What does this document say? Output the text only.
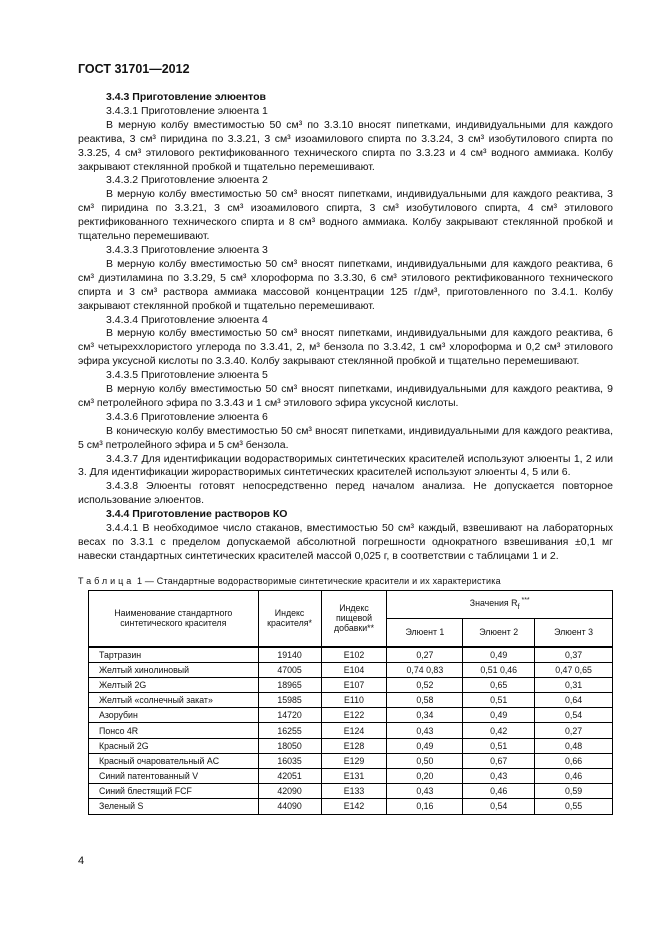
ГОСТ 31701—2012

3.4.3 Приготовление элюентов

3.4.3.1 Приготовление элюента 1

В мерную колбу вместимостью 50 см³ по 3.3.10 вносят пипетками, индивидуальными для каждого реактива, 3 см³ пиридина по 3.3.21, 3 см³ изоамилового спирта по 3.3.24, 3 см³ изобутилового спирта по 3.3.25, 4 см³ этилового ректификованного технического спирта по 3.3.23 и 4 см³ водного аммиака. Колбу закрывают стеклянной пробкой и тщательно перемешивают.

3.4.3.2 Приготовление элюента 2

В мерную колбу вместимостью 50 см³ вносят пипетками, индивидуальными для каждого реактива, 3 см³ пиридина по 3.3.21, 3 см³ изоамилового спирта, 3 см³ изобутилового спирта, 4 см³ этилового ректификованного технического спирта и 8 см³ водного аммиака. Колбу закрывают стеклянной пробкой и тщательно перемешивают.

3.4.3.3 Приготовление элюента 3

В мерную колбу вместимостью 50 см³ вносят пипетками, индивидуальными для каждого реактива, 6 см³ диэтиламина по 3.3.29, 5 см³ хлороформа по 3.3.30, 6 см³ этилового ректификованного технического спирта и 3 см³ раствора аммиака массовой концентрации 125 г/дм³, приготовленного по 3.4.1. Колбу закрывают стеклянной пробкой и тщательно перемешивают.

3.4.3.4 Приготовление элюента 4

В мерную колбу вместимостью 50 см³ вносят пипетками, индивидуальными для каждого реактива, 6 см³ четыреххлористого углерода по 3.3.41, 2, м³ бензола по 3.3.42, 1 см³ хлороформа и 0,2 см³ этилового эфира уксусной кислоты по 3.3.40. Колбу закрывают стеклянной пробкой и тщательно перемешивают.

3.4.3.5 Приготовление элюента 5

В мерную колбу вместимостью 50 см³ вносят пипетками, индивидуальными для каждого реактива, 9 см³ петролейного эфира по 3.3.43 и 1 см³ этилового эфира уксусной кислоты.

3.4.3.6 Приготовление элюента 6

В коническую колбу вместимостью 50 см³ вносят пипетками, индивидуальными для каждого реактива, 5 см³ петролейного эфира и 5 см³ бензола.

3.4.3.7 Для идентификации водорастворимых синтетических красителей используют элюенты 1, 2 или 3. Для идентификации жирорастворимых синтетических красителей используют элюенты 4, 5 или 6.

3.4.3.8 Элюенты готовят непосредственно перед началом анализа. Не допускается повторное использование элюентов.

3.4.4 Приготовление растворов КО

3.4.4.1 В необходимое число стаканов, вместимостью 50 см³ каждый, взвешивают на лабораторных весах по 3.3.1 с пределом допускаемой абсолютной погрешности однократного взвешивания ±0,1 мг навески стандартных синтетических красителей массой 0,025 г, в соответствии с таблицами 1 и 2.

Таблица 1 — Стандартные водорастворимые синтетические красители и их характеристика
Наименование стандартного синтетического красителя	Индекс красителя*	Индекс пищевой добавки**	Значения $R_f$ ***
			Элюент 1	Элюент 2	Элюент 3
Тартразин	19140	E102	0,27	0,49	0,37
Желтый хинолиновый	47005	E104	0,74 0,83	0,51 0,46	0,47 0,65
Желтый 2G	18965	E107	0,52	0,65	0,31
Желтый «солнечный закат»	15985	E110	0,58	0,51	0,64
Азорубин	14720	E122	0,34	0,49	0,54
Понсо 4R	16255	E124	0,43	0,42	0,27
Красный 2G	18050	E128	0,49	0,51	0,48
Красный очаровательный AC	16035	E129	0,50	0,67	0,66
Синий патентованный V	42051	E131	0,20	0,43	0,46
Синий блестящий FCF	42090	E133	0,43	0,46	0,59
Зеленый S	44090	E142	0,16	0,54	0,55
4
